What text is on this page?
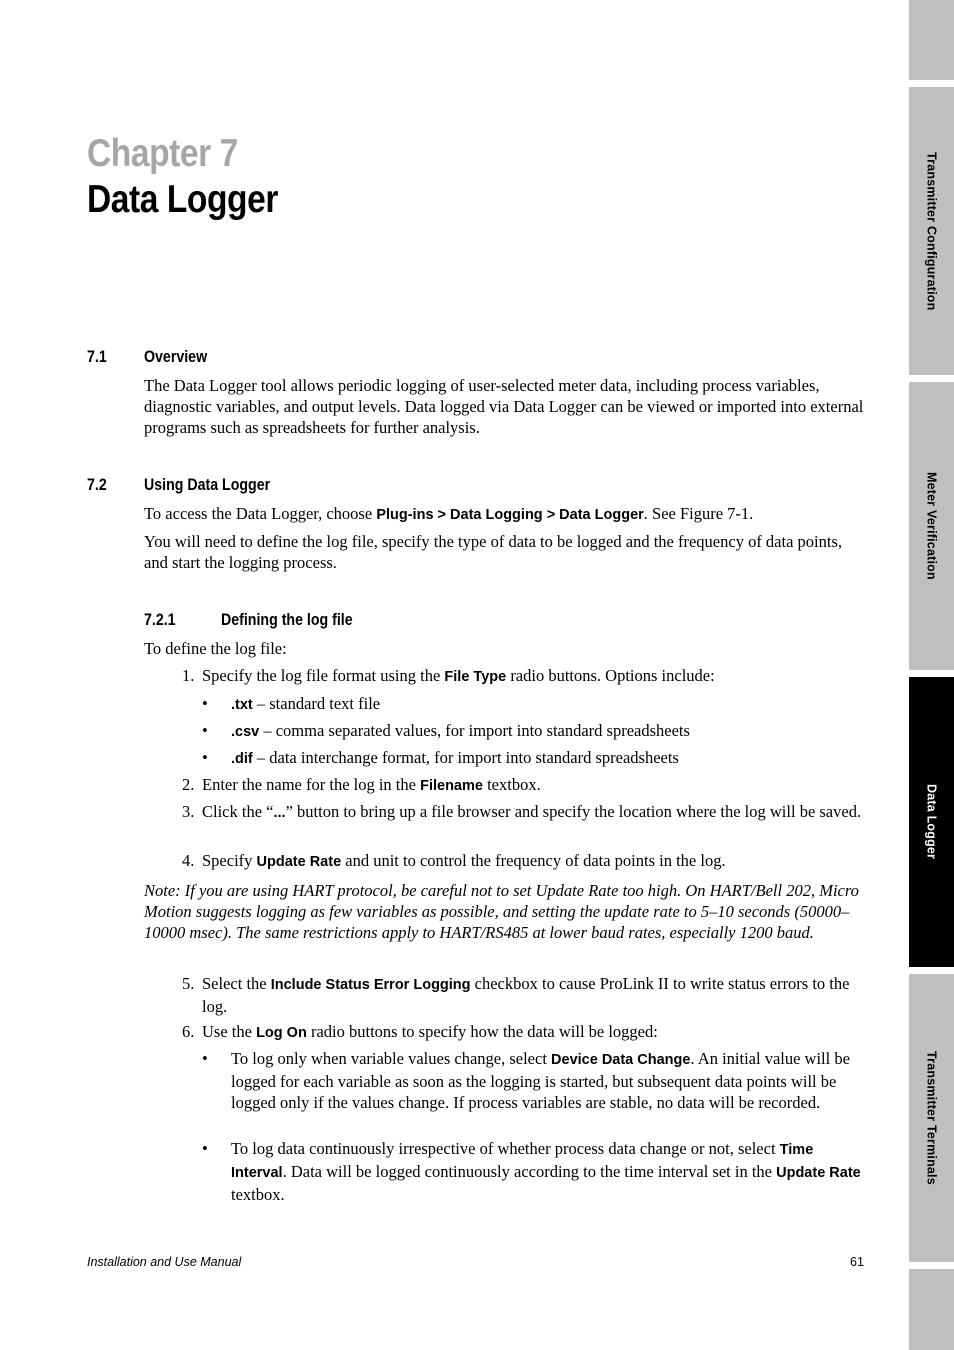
Transmitter Configuration
Meter Verification
Data Logger
Transmitter Terminals
Chapter 7
Data Logger
7.1 Overview
The Data Logger tool allows periodic logging of user-selected meter data, including process variables, diagnostic variables, and output levels. Data logged via Data Logger can be viewed or imported into external programs such as spreadsheets for further analysis.
7.2 Using Data Logger
To access the Data Logger, choose Plug-ins > Data Logging > Data Logger. See Figure 7-1.
You will need to define the log file, specify the type of data to be logged and the frequency of data points, and start the logging process.
7.2.1	Defining the log file
To define the log file:
1. Specify the log file format using the File Type radio buttons. Options include:
• .txt – standard text file
• .csv – comma separated values, for import into standard spreadsheets
• .dif – data interchange format, for import into standard spreadsheets
2. Enter the name for the log in the Filename textbox.
3. Click the “...” button to bring up a file browser and specify the location where the log will be saved.
4. Specify Update Rate and unit to control the frequency of data points in the log.
Note: If you are using HART protocol, be careful not to set Update Rate too high. On HART/Bell 202, Micro Motion suggests logging as few variables as possible, and setting the update rate to 5–10 seconds (50000–10000 msec). The same restrictions apply to HART/RS485 at lower baud rates, especially 1200 baud.
5. Select the Include Status Error Logging checkbox to cause ProLink II to write status errors to the log.
6. Use the Log On radio buttons to specify how the data will be logged:
• To log only when variable values change, select Device Data Change. An initial value will be logged for each variable as soon as the logging is started, but subsequent data points will be logged only if the values change. If process variables are stable, no data will be recorded.
• To log data continuously irrespective of whether process data change or not, select Time Interval. Data will be logged continuously according to the time interval set in the Update Rate textbox.
Installation and Use Manual	61
